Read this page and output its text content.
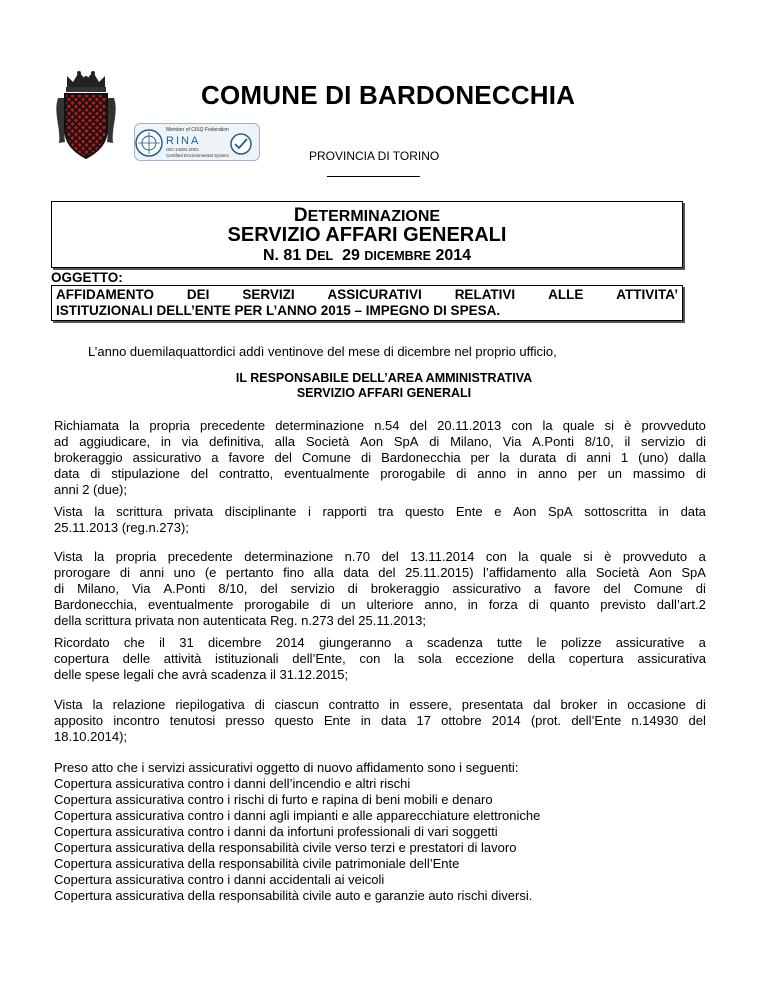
Member of CISQ Federation
RINA
ISO 14001:2004
Certified Environmental System
COMUNE DI BARDONECCHIA
PROVINCIA DI TORINO
DETERMINAZIONE
SERVIZIO AFFARI GENERALI
N. 81 DEL  29 DICEMBRE 2014
OGGETTO:
AFFIDAMENTO DEI SERVIZI ASSICURATIVI RELATIVI ALLE ATTIVITA’
ISTITUZIONALI DELL’ENTE PER L’ANNO 2015 – IMPEGNO DI SPESA.
L’anno duemilaquattordici addì ventinove del mese di dicembre nel proprio ufficio,
IL RESPONSABILE DELL’AREA AMMINISTRATIVA
SERVIZIO AFFARI GENERALI
Richiamata la propria precedente determinazione n.54 del 20.11.2013 con la quale si è provveduto
ad aggiudicare, in via definitiva, alla Società Aon SpA di Milano, Via A.Ponti 8/10, il servizio di
brokeraggio assicurativo a favore del Comune di Bardonecchia per la durata di anni 1 (uno) dalla
data di stipulazione del contratto, eventualmente prorogabile di anno in anno per un massimo di
anni 2 (due);
Vista la scrittura privata disciplinante i rapporti tra questo Ente e Aon SpA sottoscritta in data
25.11.2013 (reg.n.273);
Vista la propria precedente determinazione n.70 del 13.11.2014 con la quale si è provveduto a
prorogare di anni uno (e pertanto fino alla data del 25.11.2015) l’affidamento alla Società Aon SpA
di Milano, Via A.Ponti 8/10, del servizio di brokeraggio assicurativo a favore del Comune di
Bardonecchia, eventualmente prorogabile di un ulteriore anno, in forza di quanto previsto dall’art.2
della scrittura privata non autenticata Reg. n.273 del 25.11.2013;
Ricordato che il 31 dicembre 2014 giungeranno a scadenza tutte le polizze assicurative a
copertura delle attività istituzionali dell’Ente, con la sola eccezione della copertura assicurativa
delle spese legali che avrà scadenza il 31.12.2015;
Vista la relazione riepilogativa di ciascun contratto in essere, presentata dal broker in occasione di
apposito incontro tenutosi presso questo Ente in data 17 ottobre 2014 (prot. dell’Ente n.14930 del
18.10.2014);
Preso atto che i servizi assicurativi oggetto di nuovo affidamento sono i seguenti:
Copertura assicurativa contro i danni dell’incendio e altri rischi
Copertura assicurativa contro i rischi di furto e rapina di beni mobili e denaro
Copertura assicurativa contro i danni agli impianti e alle apparecchiature elettroniche
Copertura assicurativa contro i danni da infortuni professionali di vari soggetti
Copertura assicurativa della responsabilità civile verso terzi e prestatori di lavoro
Copertura assicurativa della responsabilità civile patrimoniale dell’Ente
Copertura assicurativa contro i danni accidentali ai veicoli
Copertura assicurativa della responsabilità civile auto e garanzie auto rischi diversi.
